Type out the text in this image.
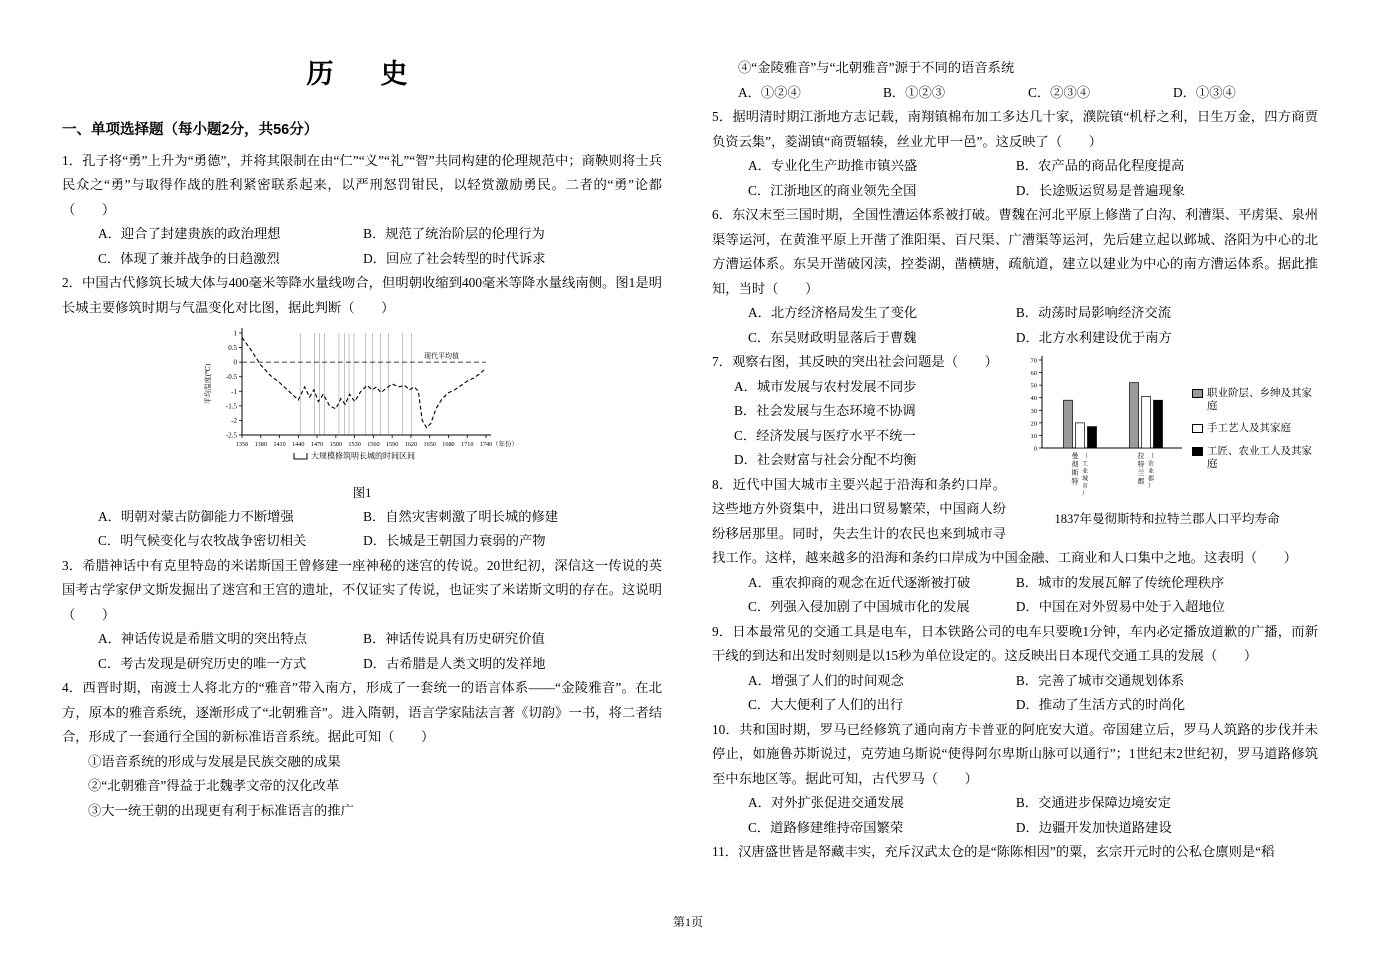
历　史
一、单项选择题（每小题2分，共56分）

1．孔子将“勇”上升为“勇德”，并将其限制在由“仁”“义”“礼”“智”共同构建的伦理规范中；商鞅则将士兵民众之“勇”与取得作战的胜利紧密联系起来，以严刑怒罚钳民，以轻赏激励勇民。二者的“勇”论都（　　）

A．迎合了封建贵族的政治理想	B．规范了统治阶层的伦理行为
C．体现了兼并战争的日趋激烈	D．回应了社会转型的时代诉求

2．中国古代修筑长城大体与400毫米等降水量线吻合，但明朝收缩到400毫米等降水量线南侧。图1是明长城主要修筑时期与气温变化对比图，据此判断（　　）

1
0.5
0
-0.5
-1
-1.5
-2
-2.5
1350 1380 1410 1440 1470 1500 1530 1560 1590 1620 1650 1680 1710 1740 （年份）
平均温度(℃)
现代平均值
大规模修筑明长城的时间区间
图1
A．明朝对蒙古防御能力不断增强	B．自然灾害刺激了明长城的修建
C．明气候变化与农牧战争密切相关	D．长城是王朝国力衰弱的产物

3．希腊神话中有克里特岛的米诺斯国王曾修建一座神秘的迷宫的传说。20世纪初，深信这一传说的英国考古学家伊文斯发掘出了迷宫和王宫的遗址，不仅证实了传说，也证实了米诺斯文明的存在。这说明（　　）

A．神话传说是希腊文明的突出特点	B．神话传说具有历史研究价值
C．考古发现是研究历史的唯一方式	D．古希腊是人类文明的发祥地

4．西晋时期，南渡士人将北方的“雅音”带入南方，形成了一套统一的语言体系——“金陵雅音”。在北方，原本的雅音系统，逐渐形成了“北朝雅音”。进入隋朝，语言学家陆法言著《切韵》一书，将二者结合，形成了一套通行全国的新标准语音系统。据此可知（　　）

①语音系统的形成与发展是民族交融的成果

②“北朝雅音”得益于北魏孝文帝的汉化改革

③大一统王朝的出现更有利于标准语言的推广

④“金陵雅音”与“北朝雅音”源于不同的语音系统

A．①②④	B．①②③	C．②③④	D．①③④

5．据明清时期江浙地方志记载，南翔镇棉布加工多达几十家，濮院镇“机杼之利，日生万金，四方商贾负资云集”，菱湖镇“商贾辐辏，丝业尤甲一邑”。这反映了（　　）

A．专业化生产助推市镇兴盛	B．农产品的商品化程度提高
C．江浙地区的商业领先全国	D．长途贩运贸易是普遍现象

6．东汉末至三国时期，全国性漕运体系被打破。曹魏在河北平原上修凿了白沟、利漕渠、平虏渠、泉州渠等运河，在黄淮平原上开凿了淮阳渠、百尺渠、广漕渠等运河，先后建立起以邺城、洛阳为中心的北方漕运体系。东吴开凿破冈渎，控娄湖，凿横塘，疏航道，建立以建业为中心的南方漕运体系。据此推知，当时（　　）

A．北方经济格局发生了变化	B．动荡时局影响经济交流
C．东吴财政明显落后于曹魏	D．北方水利建设优于南方
0
10
20
30
40
50
60
70
曼彻斯特
（工业城市）
拉特兰郡
（农业郡）
职业阶层、乡绅及其家庭
手工艺人及其家庭
工匠、农业工人及其家庭
1837年曼彻斯特和拉特兰郡人口平均寿命

7．观察右图，其反映的突出社会问题是（　　）

A．城市发展与农村发展不同步
B．社会发展与生态环境不协调
C．经济发展与医疗水平不统一
D．社会财富与社会分配不均衡

8．近代中国大城市主要兴起于沿海和条约口岸。这些地方外资集中，进出口贸易繁荣，中国商人纷纷移居那里。同时，失去生计的农民也来到城市寻找工作。这样，越来越多的沿海和条约口岸成为中国金融、工商业和人口集中之地。这表明（　　）

A．重农抑商的观念在近代逐渐被打破	B．城市的发展瓦解了传统伦理秩序
C．列强入侵加剧了中国城市化的发展	D．中国在对外贸易中处于入超地位

9．日本最常见的交通工具是电车，日本铁路公司的电车只要晚1分钟，车内必定播放道歉的广播，而新干线的到达和出发时刻则是以15秒为单位设定的。这反映出日本现代交通工具的发展（　　）

A．增强了人们的时间观念	B．完善了城市交通规划体系
C．大大便利了人们的出行	D．推动了生活方式的时尚化

10．共和国时期，罗马已经修筑了通向南方卡普亚的阿庇安大道。帝国建立后，罗马人筑路的步伐并未停止，如施鲁苏斯说过，克劳迪乌斯说“使得阿尔卑斯山脉可以通行”；1世纪末2世纪初，罗马道路修筑至中东地区等。据此可知，古代罗马（　　）

A．对外扩张促进交通发展	B．交通进步保障边境安定
C．道路修建维持帝国繁荣	D．边疆开发加快道路建设

11．汉唐盛世皆是帑藏丰实，充斥汉武太仓的是“陈陈相因”的粟，玄宗开元时的公私仓廪则是“稻

第1页
